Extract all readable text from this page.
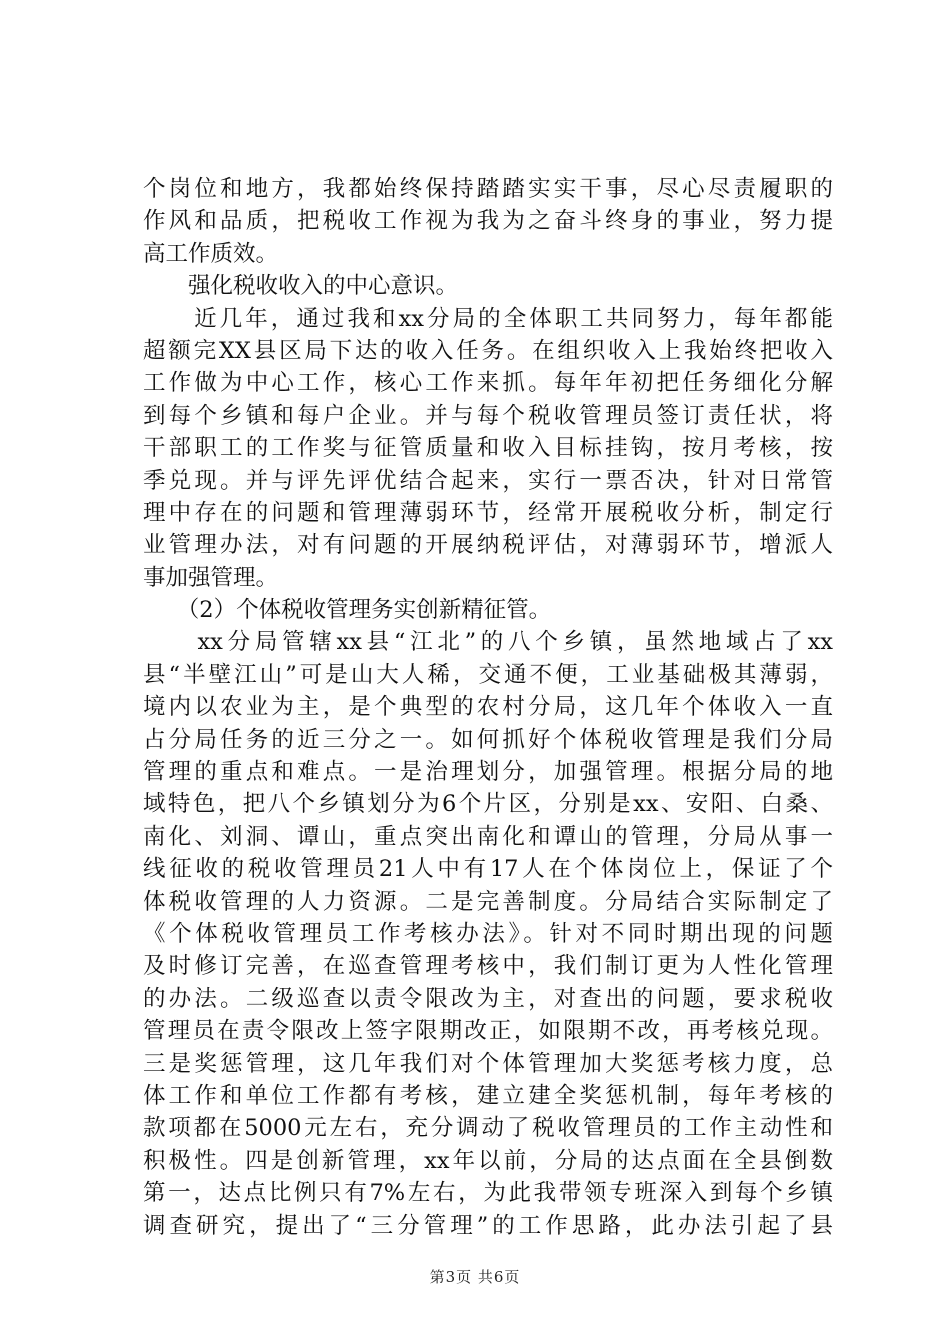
个岗位和地方，我都始终保持踏踏实实干事，尽心尽责履职的
作风和品质，把税收工作视为我为之奋斗终身的事业，努力提
高工作质效。
　　强化税收收入的中心意识。
　　近几年，通过我和xx分局的全体职工共同努力，每年都能
超额完XX县区局下达的收入任务。在组织收入上我始终把收入
工作做为中心工作，核心工作来抓。每年年初把任务细化分解
到每个乡镇和每户企业。并与每个税收管理员签订责任状，将
干部职工的工作奖与征管质量和收入目标挂钩，按月考核，按
季兑现。并与评先评优结合起来，实行一票否决，针对日常管
理中存在的问题和管理薄弱环节，经常开展税收分析，制定行
业管理办法，对有问题的开展纳税评估，对薄弱环节，增派人
事加强管理。
　　（2）个体税收管理务实创新精征管。
　　xx分局管辖xx县“江北”的八个乡镇，虽然地域占了xx
县“半壁江山”可是山大人稀，交通不便，工业基础极其薄弱，
境内以农业为主，是个典型的农村分局，这几年个体收入一直
占分局任务的近三分之一。如何抓好个体税收管理是我们分局
管理的重点和难点。一是治理划分，加强管理。根据分局的地
域特色，把八个乡镇划分为6个片区，分别是xx、安阳、白桑、
南化、刘洞、谭山，重点突出南化和谭山的管理，分局从事一
线征收的税收管理员21人中有17人在个体岗位上，保证了个
体税收管理的人力资源。二是完善制度。分局结合实际制定了
《个体税收管理员工作考核办法》。针对不同时期出现的问题
及时修订完善，在巡查管理考核中，我们制订更为人性化管理
的办法。二级巡查以责令限改为主，对查出的问题，要求税收
管理员在责令限改上签字限期改正，如限期不改，再考核兑现。
三是奖惩管理，这几年我们对个体管理加大奖惩考核力度，总
体工作和单位工作都有考核，建立建全奖惩机制，每年考核的
款项都在5000元左右，充分调动了税收管理员的工作主动性和
积极性。四是创新管理，xx年以前，分局的达点面在全县倒数
第一，达点比例只有7%左右，为此我带领专班深入到每个乡镇
调查研究，提出了“三分管理”的工作思路，此办法引起了县
第3页 共6页
